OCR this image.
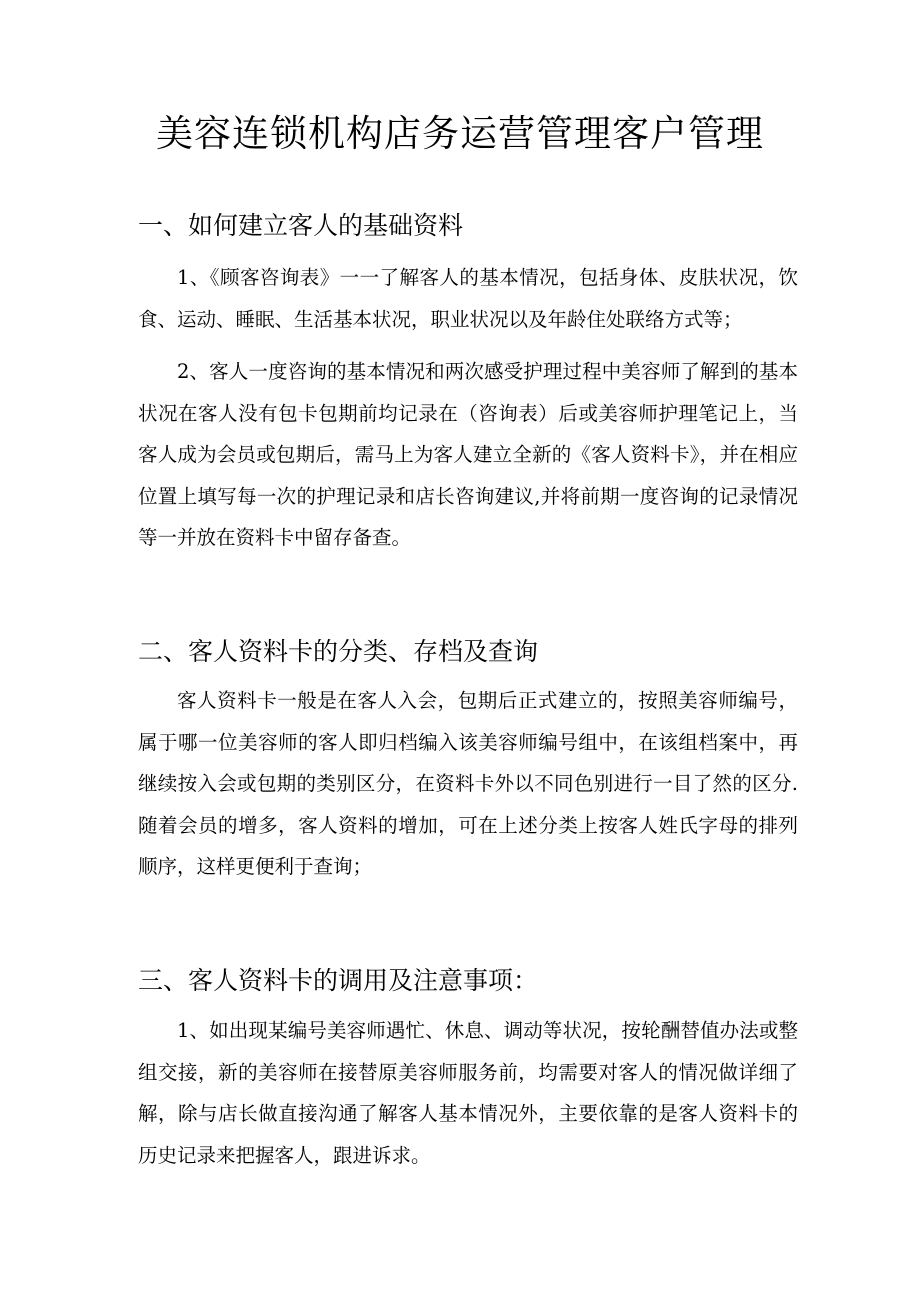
美容连锁机构店务运营管理客户管理
一、如何建立客人的基础资料

1、《顾客咨询表》一一了解客人的基本情况，包括身体、皮肤状况，饮食、运动、睡眠、生活基本状况，职业状况以及年龄住处联络方式等；

2、客人一度咨询的基本情况和两次感受护理过程中美容师了解到的基本状况在客人没有包卡包期前均记录在（咨询表）后或美容师护理笔记上，当客人成为会员或包期后，需马上为客人建立全新的《客人资料卡》，并在相应位置上填写每一次的护理记录和店长咨询建议,并将前期一度咨询的记录情况等一并放在资料卡中留存备查。

二、客人资料卡的分类、存档及查询

客人资料卡一般是在客人入会，包期后正式建立的，按照美容师编号，属于哪一位美容师的客人即归档编入该美容师编号组中，在该组档案中，再继续按入会或包期的类别区分，在资料卡外以不同色别进行一目了然的区分.随着会员的增多，客人资料的增加，可在上述分类上按客人姓氏字母的排列顺序，这样更便利于查询；

三、客人资料卡的调用及注意事项：

1、如出现某编号美容师遇忙、休息、调动等状况，按轮酬替值办法或整组交接，新的美容师在接替原美容师服务前，均需要对客人的情况做详细了解，除与店长做直接沟通了解客人基本情况外，主要依靠的是客人资料卡的历史记录来把握客人，跟进诉求。
